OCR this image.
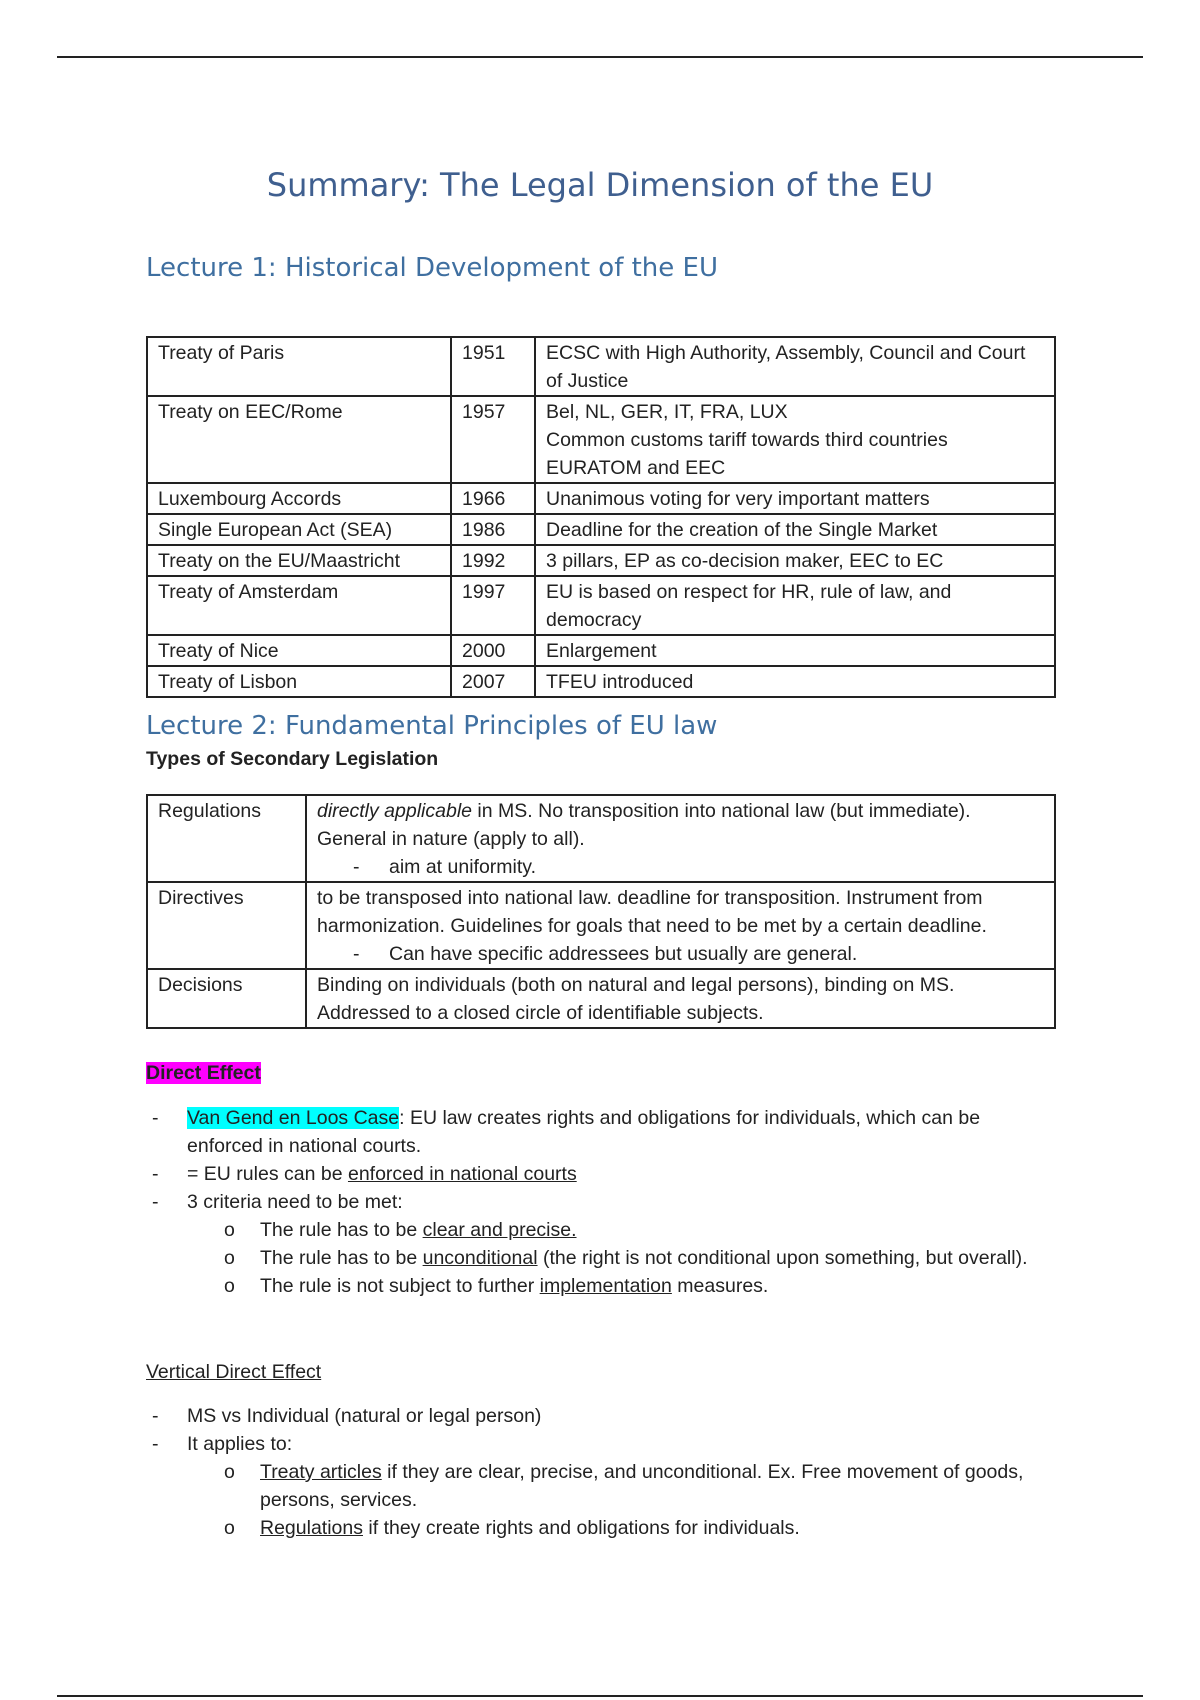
Summary: The Legal Dimension of the EU
Lecture 1: Historical Development of the EU
Treaty of Paris	1951	ECSC with High Authority, Assembly, Council and Court of Justice

Treaty on EEC/Rome	1957	Bel, NL, GER, IT, FRA, LUX
Common customs tariff towards third countries
EURATOM and EEC

Luxembourg Accords	1966	Unanimous voting for very important matters

Single European Act (SEA)	1986	Deadline for the creation of the Single Market

Treaty on the EU/Maastricht	1992	3 pillars, EP as co-decision maker, EEC to EC

Treaty of Amsterdam	1997	EU is based on respect for HR, rule of law, and democracy

Treaty of Nice	2000	Enlargement

Treaty of Lisbon	2007	TFEU introduced
Lecture 2: Fundamental Principles of EU law

Types of Secondary Legislation

Regulations	directly applicable in MS. No transposition into national law (but immediate).
General in nature (apply to all).
- aim at uniformity.

Directives	to be transposed into national law. deadline for transposition. Instrument from harmonization. Guidelines for goals that need to be met by a certain deadline.
- Can have specific addressees but usually are general.

Decisions	Binding on individuals (both on natural and legal persons), binding on MS.
Addressed to a closed circle of identifiable subjects.
Direct Effect
- Van Gend en Loos Case: EU law creates rights and obligations for individuals, which can be enforced in national courts.
- = EU rules can be enforced in national courts
- 3 criteria need to be met:
o The rule has to be clear and precise.
o The rule has to be unconditional (the right is not conditional upon something, but overall).
o The rule is not subject to further implementation measures.
Vertical Direct Effect
- MS vs Individual (natural or legal person)
- It applies to:
o Treaty articles if they are clear, precise, and unconditional. Ex. Free movement of goods, persons, services.
o Regulations if they create rights and obligations for individuals.
